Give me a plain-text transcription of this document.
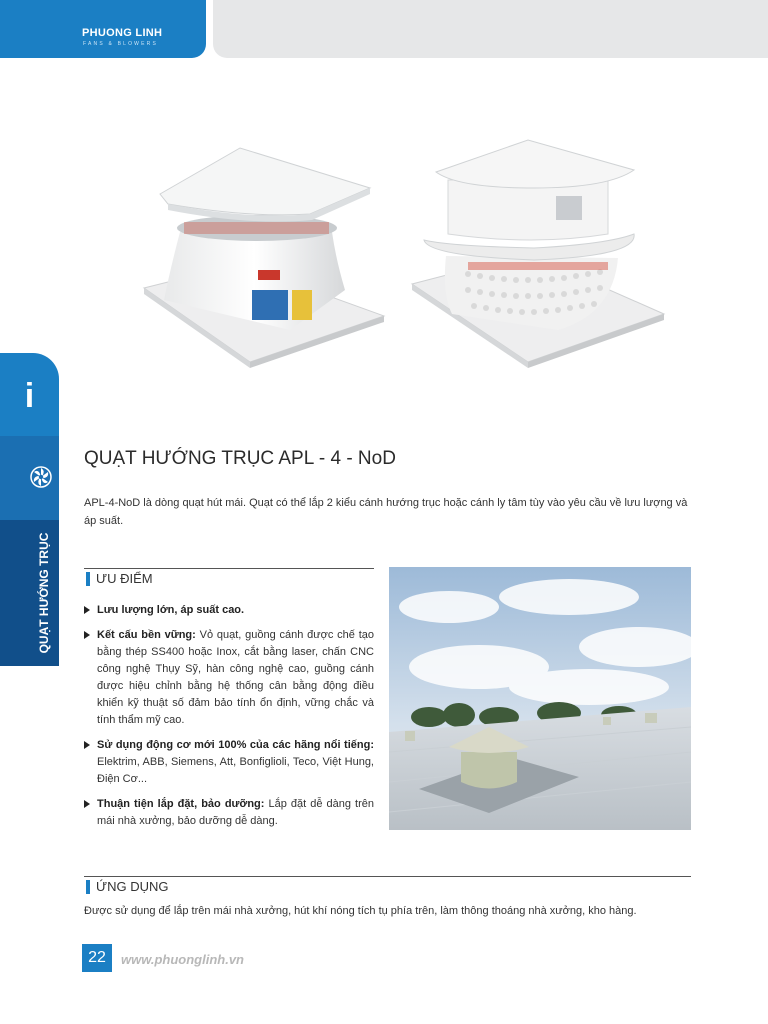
PHUONG LINH
FANS & BLOWERS
i
QUẠT HƯỚNG TRỤC
QUẠT HƯỚNG TRỤC APL - 4 - NoD
APL-4-NoD là dòng quạt hút mái. Quạt có thể lắp 2 kiểu cánh hướng trục hoặc cánh ly tâm tùy vào yêu cầu về lưu lượng và áp suất.
ƯU ĐIỂM
Lưu lượng lớn, áp suất cao.
Kết cấu bền vững: Vỏ quạt, guồng cánh được chế tạo bằng thép SS400 hoặc Inox, cắt bằng laser, chấn CNC công nghệ Thụy Sỹ, hàn công nghệ cao, guồng cánh được hiệu chỉnh bằng hệ thống cân bằng động điều khiển kỹ thuật số đảm bảo tính ổn định, vững chắc và tính thẩm mỹ cao.
Sử dụng động cơ mới 100% của các hãng nổi tiếng: Elektrim, ABB, Siemens, Att, Bonfiglioli, Teco, Việt Hung, Điện Cơ...
Thuận tiện lắp đặt, bảo dưỡng: Lắp đặt dễ dàng trên mái nhà xưởng, bảo dưỡng dễ dàng.
ỨNG DỤNG
Được sử dụng để lắp trên mái nhà xưởng, hút khí nóng tích tụ phía trên, làm thông thoáng nhà xưởng, kho hàng.
22	www.phuonglinh.vn
